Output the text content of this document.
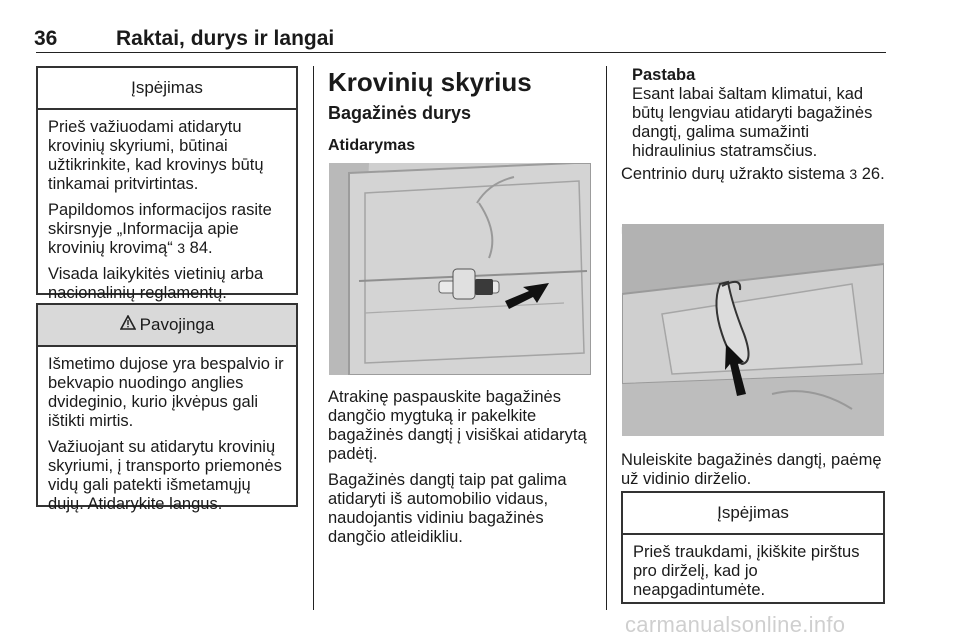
36	Raktai, durys ir langai
Įspėjimas

Prieš važiuodami atidarytu krovinių skyriumi, būtinai užtikrinkite, kad krovinys būtų tinkamai pritvirtintas.

Papildomos informacijos rasite skirsnyje „Informacija apie krovinių krovimą“ 3 84.

Visada laikykitės vietinių arba nacionalinių reglamentų.

Pavojinga

Išmetimo dujose yra bespalvio ir bekvapio nuodingo anglies dvideginio, kurio įkvėpus gali ištikti mirtis.

Važiuojant su atidarytu krovinių skyriumi, į transporto priemonės vidų gali patekti išmetamųjų dujų. Atidarykite langus.

Krovinių skyrius
Bagažinės durys
Atidarymas

Atrakinę paspauskite bagažinės dangčio mygtuką ir pakelkite bagažinės dangtį į visiškai atidarytą padėtį.

Bagažinės dangtį taip pat galima atidaryti iš automobilio vidaus, naudojantis vidiniu bagažinės dangčio atleidikliu.

Pastaba
Esant labai šaltam klimatui, kad būtų lengviau atidaryti bagažinės dangtį, galima sumažinti hidraulinius statramsčius.
Centrinio durų užrakto sistema 3 26.

Nuleiskite bagažinės dangtį, paėmę už vidinio dirželio.

Įspėjimas

Prieš traukdami, įkiškite pirštus pro dirželį, kad jo neapgadintumėte.

carmanualsonline.info
